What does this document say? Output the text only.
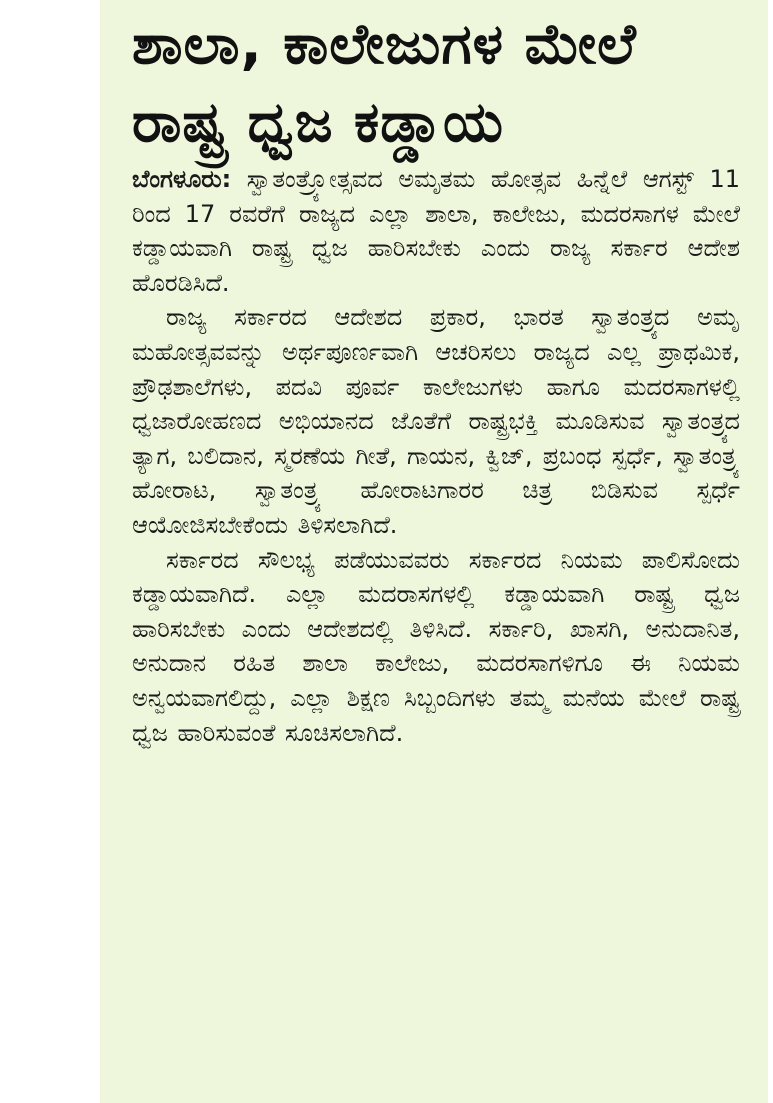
ಶಾಲಾ, ಕಾಲೇಜುಗಳ ಮೇಲೆ
ರಾಷ್ಟ್ರ ಧ್ವಜ ಕಡ್ಡಾಯ

ಬೆಂಗಳೂರು: ಸ್ವಾತಂತ್ರ್ಯೋತ್ಸವದ ಅಮೃತಮ ಹೋತ್ಸವ ಹಿನ್ನೆಲೆ ಆಗಸ್ಟ್ 11 ರಿಂದ 17 ರವರೆಗೆ ರಾಜ್ಯದ ಎಲ್ಲಾ ಶಾಲಾ, ಕಾಲೇಜು, ಮದರಸಾಗಳ ಮೇಲೆ ಕಡ್ಡಾಯವಾಗಿ ರಾಷ್ಟ್ರ ಧ್ವಜ ಹಾರಿಸಬೇಕು ಎಂದು ರಾಜ್ಯ ಸರ್ಕಾರ ಆದೇಶ ಹೊರಡಿಸಿದೆ.

ರಾಜ್ಯ ಸರ್ಕಾರದ ಆದೇಶದ ಪ್ರಕಾರ, ಭಾರತ ಸ್ವಾತಂತ್ರ್ಯದ ಅಮೃ ಮಹೋತ್ಸವವನ್ನು ಅರ್ಥಪೂರ್ಣವಾಗಿ ಆಚರಿಸಲು ರಾಜ್ಯದ ಎಲ್ಲ ಪ್ರಾಥಮಿಕ, ಪ್ರೌಢಶಾಲೆಗಳು, ಪದವಿ ಪೂರ್ವ ಕಾಲೇಜುಗಳು ಹಾಗೂ ಮದರಸಾಗಳಲ್ಲಿ ಧ್ವಜಾರೋಹಣದ ಅಭಿಯಾನದ ಜೊತೆಗೆ ರಾಷ್ಟ್ರಭಕ್ತಿ ಮೂಡಿಸುವ ಸ್ವಾತಂತ್ರ್ಯದ ತ್ಯಾಗ, ಬಲಿದಾನ, ಸ್ಮರಣೆಯ ಗೀತೆ, ಗಾಯನ, ಕ್ವಿಜ್, ಪ್ರಬಂಧ ಸ್ಪರ್ಧೆ, ಸ್ವಾತಂತ್ರ್ಯ ಹೋರಾಟ, ಸ್ವಾತಂತ್ರ್ಯ ಹೋರಾಟಗಾರರ ಚಿತ್ರ ಬಿಡಿಸುವ ಸ್ಪರ್ಧೆ ಆಯೋಜಿಸಬೇಕೆಂದು ತಿಳಿಸಲಾಗಿದೆ.

ಸರ್ಕಾರದ ಸೌಲಭ್ಯ ಪಡೆಯುವವರು ಸರ್ಕಾರದ ನಿಯಮ ಪಾಲಿಸೋದು ಕಡ್ಡಾಯವಾಗಿದೆ. ಎಲ್ಲಾ ಮದರಾಸಗಳಲ್ಲಿ ಕಡ್ಡಾಯವಾಗಿ ರಾಷ್ಟ್ರ ಧ್ವಜ ಹಾರಿಸಬೇಕು ಎಂದು ಆದೇಶದಲ್ಲಿ ತಿಳಿಸಿದೆ. ಸರ್ಕಾರಿ, ಖಾಸಗಿ, ಅನುದಾನಿತ, ಅನುದಾನ ರಹಿತ ಶಾಲಾ ಕಾಲೇಜು, ಮದರಸಾಗಳಿಗೂ ಈ ನಿಯಮ ಅನ್ವಯವಾಗಲಿದ್ದು, ಎಲ್ಲಾ ಶಿಕ್ಷಣ ಸಿಬ್ಬಂದಿಗಳು ತಮ್ಮ ಮನೆಯ ಮೇಲೆ ರಾಷ್ಟ್ರ ಧ್ವಜ ಹಾರಿಸುವಂತೆ ಸೂಚಿಸಲಾಗಿದೆ.
